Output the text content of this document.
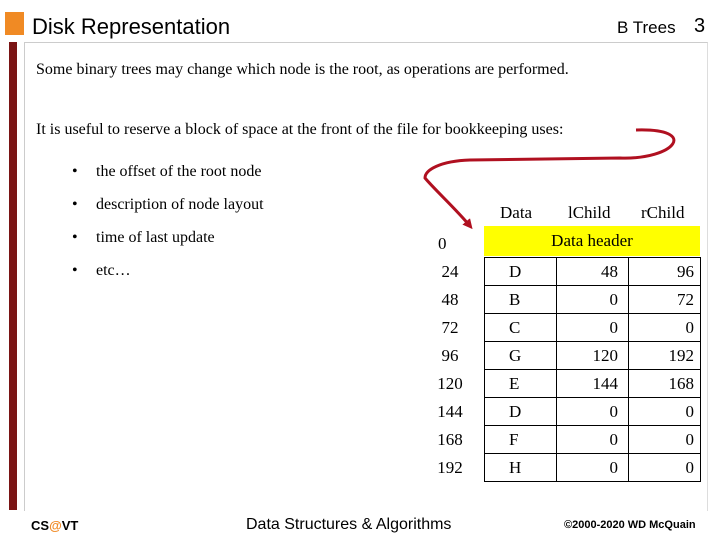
Disk Representation	B Trees 3
Some binary trees may change which node is the root, as operations are performed.
It is useful to reserve a block of space at the front of the file for bookkeeping uses:
• the offset of the root node
• description of node layout
• time of last update
• etc…
Data lChild rChild
0	Data header
24	D	48	96
48	B	0	72
72	C	0	0
96	G	120	192
120	E	144	168
144	D	0	0
168	F	0	0
192	H	0	0
CS@VT	Data Structures & Algorithms	©2000-2020 WD McQuain
